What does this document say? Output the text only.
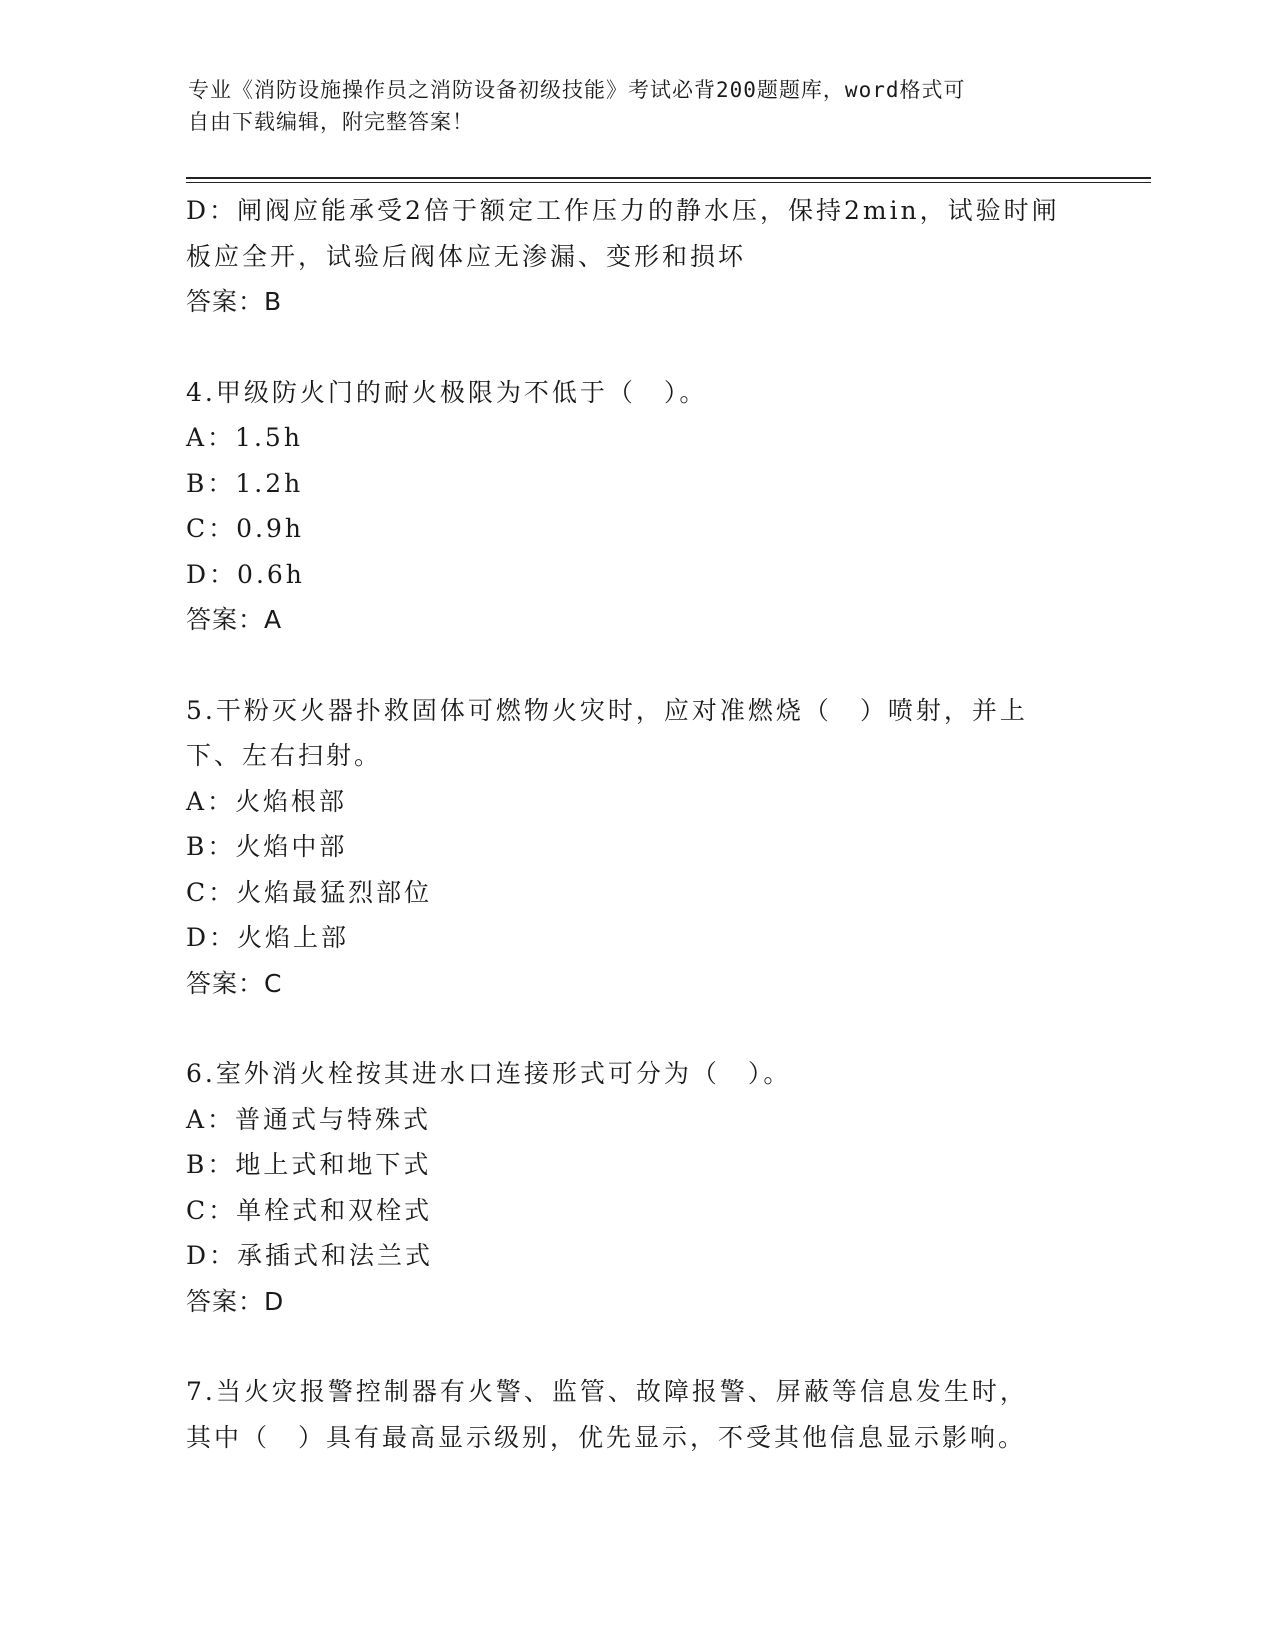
专业《消防设施操作员之消防设备初级技能》考试必背200题题库，word格式可

自由下载编辑，附完整答案！

D：闸阀应能承受2倍于额定工作压力的静水压，保持2min，试验时闸
板应全开，试验后阀体应无渗漏、变形和损坏
答案：B
4.甲级防火门的耐火极限为不低于（　）。
A：1.5h
B：1.2h
C：0.9h
D：0.6h
答案：A
5.干粉灭火器扑救固体可燃物火灾时，应对准燃烧（　）喷射，并上
下、左右扫射。
A：火焰根部
B：火焰中部
C：火焰最猛烈部位
D：火焰上部
答案：C
6.室外消火栓按其进水口连接形式可分为（　）。
A：普通式与特殊式
B：地上式和地下式
C：单栓式和双栓式
D：承插式和法兰式
答案：D
7.当火灾报警控制器有火警、监管、故障报警、屏蔽等信息发生时，
其中（　）具有最高显示级别，优先显示，不受其他信息显示影响。
